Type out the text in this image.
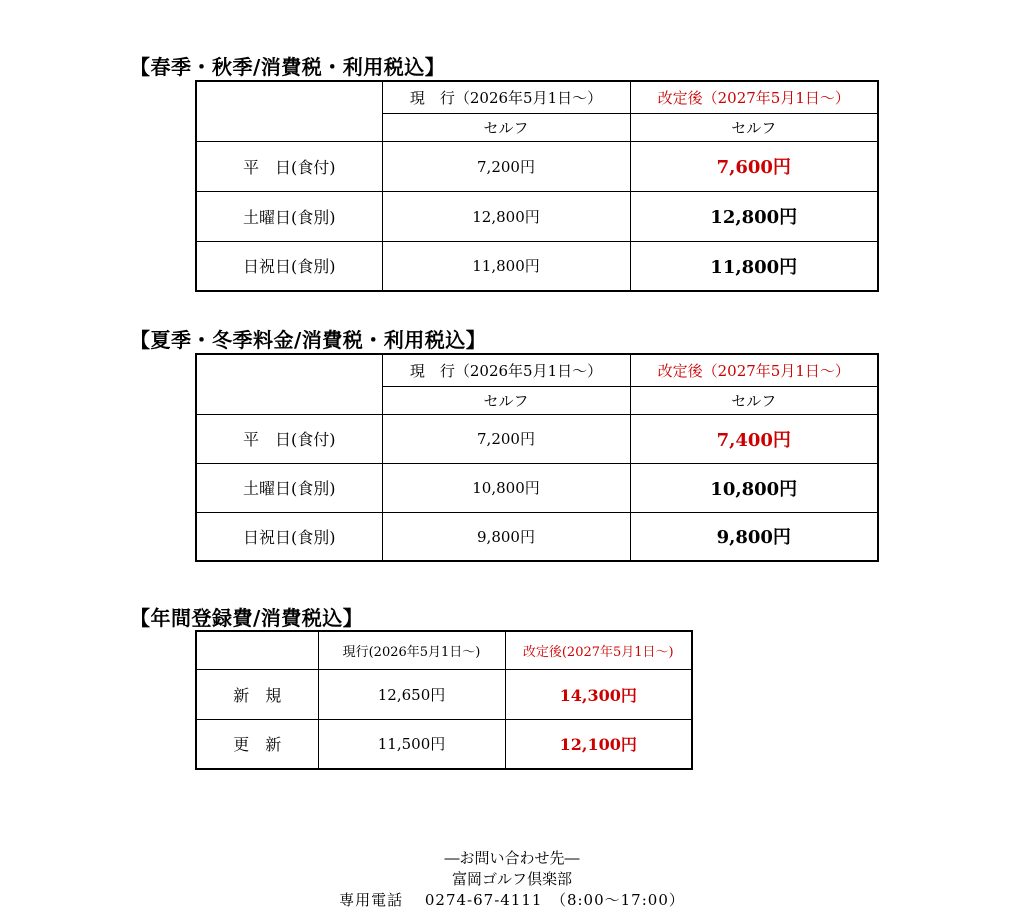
【春季・秋季/消費税・利用税込】
	現　行（2026年5月1日～）	改定後（2027年5月1日～）
	セルフ	セルフ
平　日(食付)	7,200円	7,600円
土曜日(食別)	12,800円	12,800円
日祝日(食別)	11,800円	11,800円
【夏季・冬季料金/消費税・利用税込】
	現　行（2026年5月1日～）	改定後（2027年5月1日～）
	セルフ	セルフ
平　日(食付)	7,200円	7,400円
土曜日(食別)	10,800円	10,800円
日祝日(食別)	9,800円	9,800円
【年間登録費/消費税込】
	現行(2026年5月1日～)	改定後(2027年5月1日～)
新　規	12,650円	14,300円
更　新	11,500円	12,100円
―お問い合わせ先―
富岡ゴルフ倶楽部
専用電話　 0274-67-4111　（8:00～17:00）
